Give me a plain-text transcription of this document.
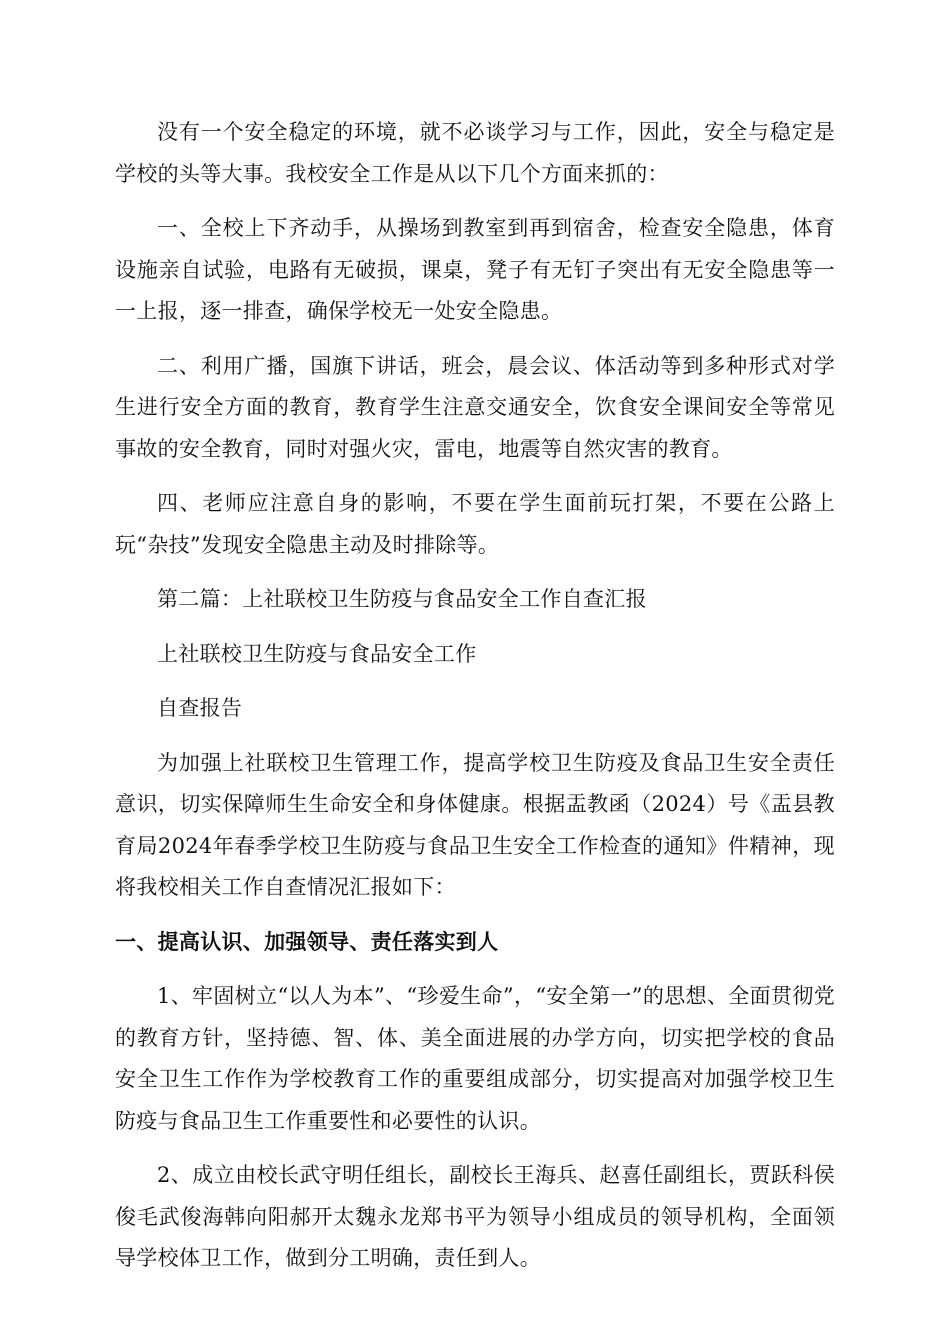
没有一个安全稳定的环境，就不必谈学习与工作，因此，安全与稳定是学校的头等大事。我校安全工作是从以下几个方面来抓的：

一、全校上下齐动手，从操场到教室到再到宿舍，检查安全隐患，体育设施亲自试验，电路有无破损，课桌，凳子有无钉子突出有无安全隐患等一一上报，逐一排查，确保学校无一处安全隐患。

二、利用广播，国旗下讲话，班会，晨会议、体活动等到多种形式对学生进行安全方面的教育，教育学生注意交通安全，饮食安全课间安全等常见事故的安全教育，同时对强火灾，雷电，地震等自然灾害的教育。

四、老师应注意自身的影响，不要在学生面前玩打架，不要在公路上玩“杂技”发现安全隐患主动及时排除等。

第二篇：上社联校卫生防疫与食品安全工作自查汇报

上社联校卫生防疫与食品安全工作

自查报告

为加强上社联校卫生管理工作，提高学校卫生防疫及食品卫生安全责任意识，切实保障师生生命安全和身体健康。根据盂教函（2024）号《盂县教育局2024年春季学校卫生防疫与食品卫生安全工作检查的通知》件精神，现将我校相关工作自查情况汇报如下：

一、提高认识、加强领导、责任落实到人

1、牢固树立“以人为本”、“珍爱生命”，“安全第一”的思想、全面贯彻党的教育方针，坚持德、智、体、美全面进展的办学方向，切实把学校的食品安全卫生工作作为学校教育工作的重要组成部分，切实提高对加强学校卫生防疫与食品卫生工作重要性和必要性的认识。

2、成立由校长武守明任组长，副校长王海兵、赵喜任副组长，贾跃科侯俊毛武俊海韩向阳郝开太魏永龙郑书平为领导小组成员的领导机构，全面领导学校体卫工作，做到分工明确，责任到人。
